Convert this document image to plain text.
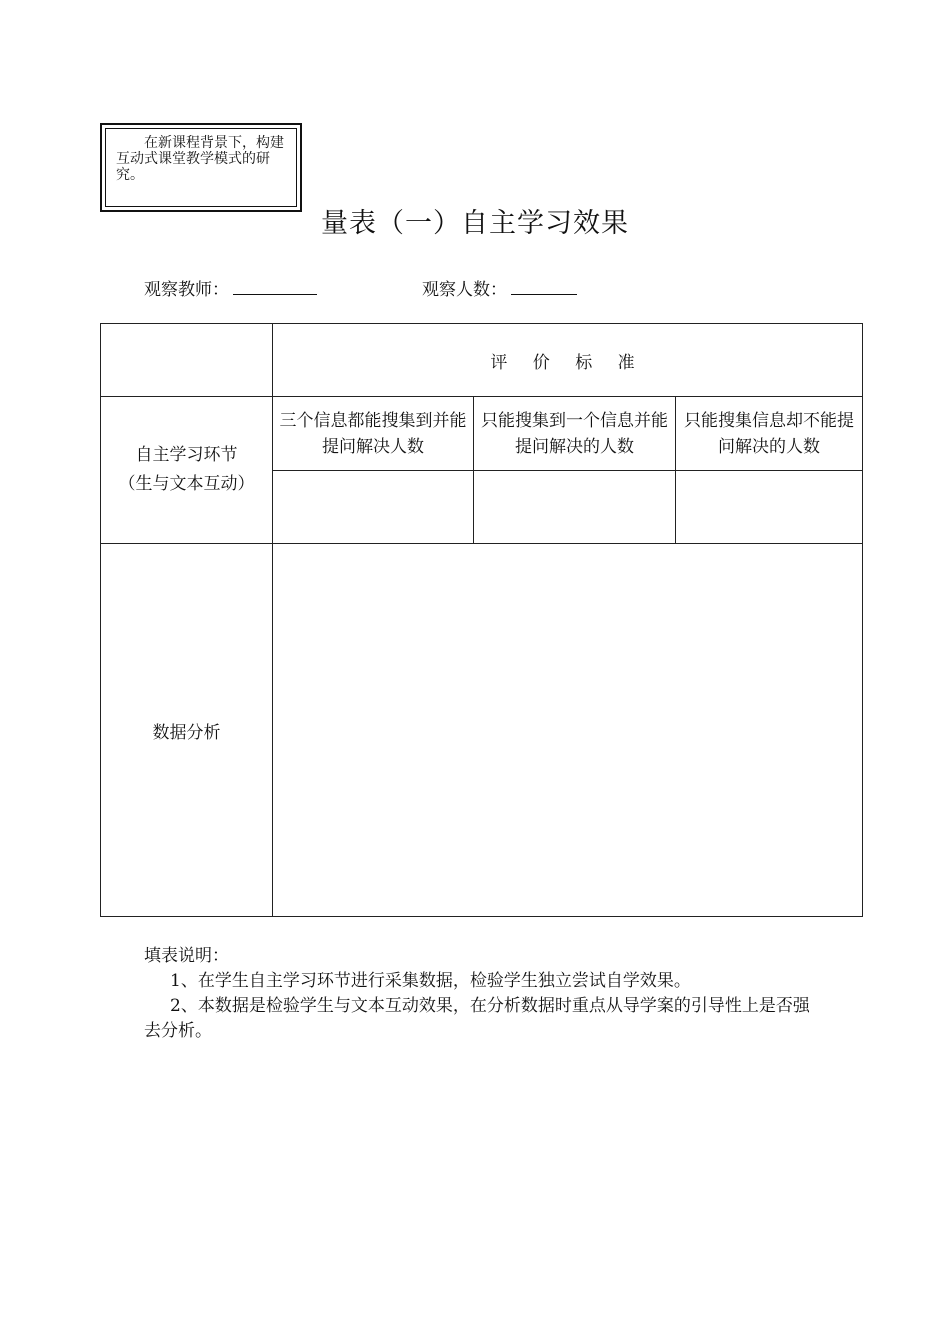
在新课程背景下，构建互动式课堂教学模式的研究。
量表（一）自主学习效果
观察教师：	观察人数：
	评 价 标 准		

自主学习环节
（生与文本互动）	三个信息都能搜集到并能提问解决人数	只能搜集到一个信息并能提问解决的人数	只能搜集信息却不能提问解决的人数

数据分析			

填表说明：

1、在学生自主学习环节进行采集数据，检验学生独立尝试自学效果。

2、本数据是检验学生与文本互动效果，在分析数据时重点从导学案的引导性上是否强去分析。
